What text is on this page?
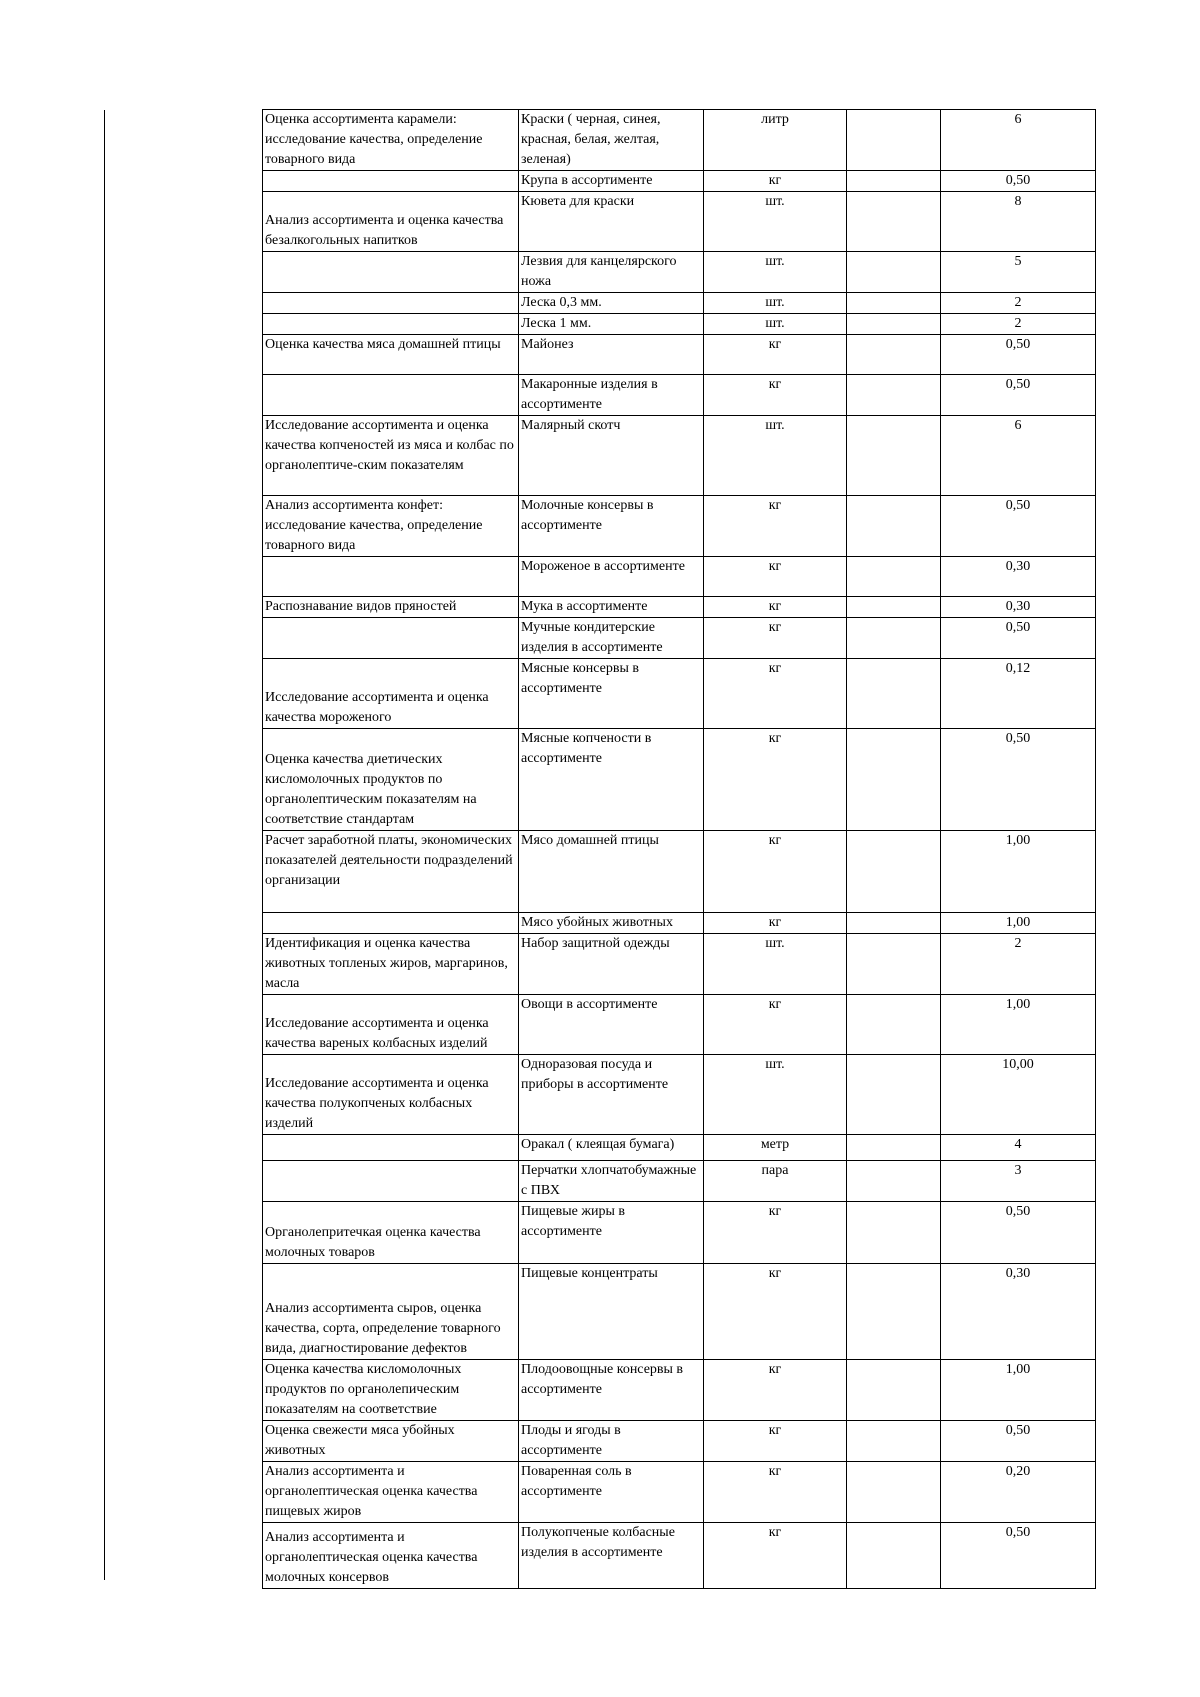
Оценка ассортимента карамели: исследование качества, определение товарного вида	Краски ( черная, синея, красная, белая, желтая, зеленая)	литр		6
	Крупа в ассортименте	кг		0,50
Анализ ассортимента и оценка качества безалкогольных напитков	Кювета для краски	шт.		8
	Лезвия для канцелярского ножа	шт.		5
	Леска 0,3 мм.	шт.		2
	Леска 1 мм.	шт.		2
Оценка качества мяса домашней птицы	Майонез	кг		0,50
	Макаронные изделия в ассортименте	кг		0,50
Исследование ассортимента и оценка качества копченостей из мяса и колбас по органолептиче-ским показателям	Малярный скотч	шт.		6
Анализ ассортимента конфет: исследование качества, определение товарного вида	Молочные консервы в ассортименте	кг		0,50
	Мороженое в ассортименте	кг		0,30
Распознавание видов пряностей	Мука в ассортименте	кг		0,30
	Мучные кондитерские изделия в ассортименте	кг		0,50
Исследование ассортимента и оценка качества мороженого	Мясные консервы в ассортименте	кг		0,12
Оценка качества диетических кисломолочных продуктов по органолептическим показателям на соответствие стандартам	Мясные копчености в ассортименте	кг		0,50
Расчет заработной платы, экономических показателей деятельности подразделений организации	Мясо домашней птицы	кг		1,00
	Мясо убойных животных	кг		1,00
Идентификация и оценка качества животных топленых жиров, маргаринов, масла	Набор защитной одежды	шт.		2
Исследование ассортимента и оценка качества вареных колбасных изделий	Овощи в ассортименте	кг		1,00
Исследование ассортимента и оценка качества полукопченых колбасных изделий	Одноразовая посуда и приборы в ассортименте	шт.		10,00
	Оракал ( клеящая бумага)	метр		4
	Перчатки хлопчатобумажные с ПВХ	пара		3
Органолепритечкая оценка качества молочных товаров	Пищевые жиры в ассортименте	кг		0,50
Анализ ассортимента сыров, оценка качества, сорта, определение товарного вида, диагностирование дефектов	Пищевые концентраты	кг		0,30
Оценка качества кисломолочных продуктов по органолепическим показателям на соответствие	Плодоовощные консервы в ассортименте	кг		1,00
Оценка свежести мяса убойных животных	Плоды и ягоды в ассортименте	кг		0,50
Анализ ассортимента и органолептическая оценка качества пищевых жиров	Поваренная соль в ассортименте	кг		0,20
Анализ ассортимента и органолептическая оценка качества молочных консервов	Полукопченые колбасные изделия в ассортименте	кг		0,50
